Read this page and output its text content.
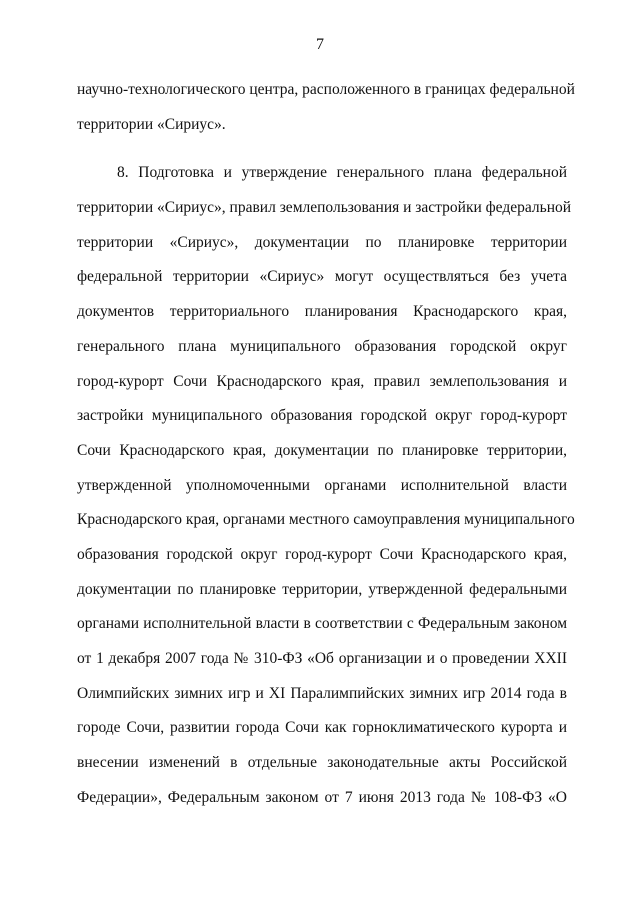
7
научно-технологического центра, расположенного в границах федеральной
территории «Сириус».
8. Подготовка и утверждение генерального плана федеральной
территории «Сириус», правил землепользования и застройки федеральной
территории «Сириус», документации по планировке территории
федеральной территории «Сириус» могут осуществляться без учета
документов территориального планирования Краснодарского края,
генерального плана муниципального образования городской округ
город-курорт Сочи Краснодарского края, правил землепользования и
застройки муниципального образования городской округ город-курорт
Сочи Краснодарского края, документации по планировке территории,
утвержденной уполномоченными органами исполнительной власти
Краснодарского края, органами местного самоуправления муниципального
образования городской округ город-курорт Сочи Краснодарского края,
документации по планировке территории, утвержденной федеральными
органами исполнительной власти в соответствии с Федеральным законом
от 1 декабря 2007 года № 310-ФЗ «Об организации и о проведении XXII
Олимпийских зимних игр и XI Паралимпийских зимних игр 2014 года в
городе Сочи, развитии города Сочи как горноклиматического курорта и
внесении изменений в отдельные законодательные акты Российской
Федерации», Федеральным законом от 7 июня 2013 года № 108-ФЗ «О
